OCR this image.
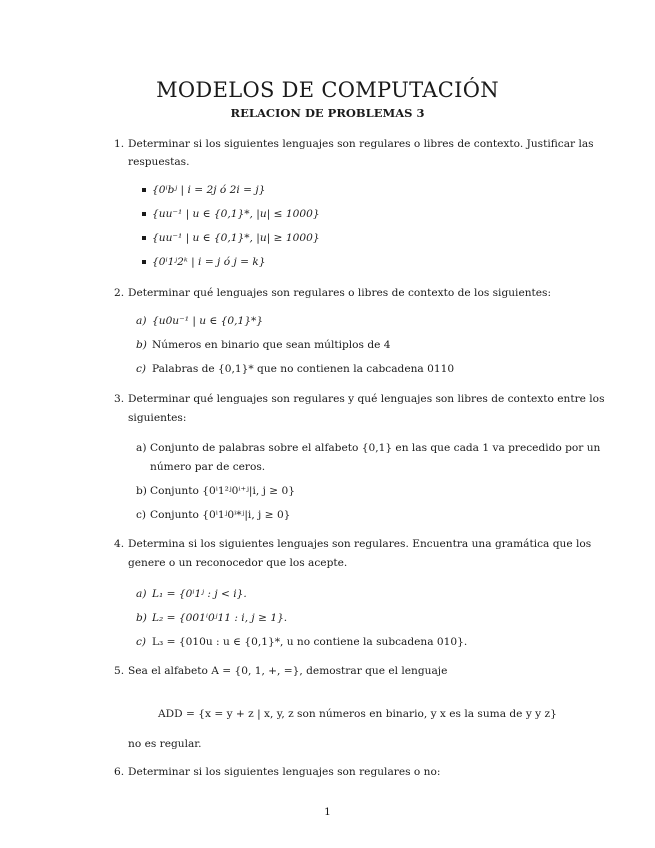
MODELOS DE COMPUTACIÓN
RELACION DE PROBLEMAS 3
1. Determinar si los siguientes lenguajes son regulares o libres de contexto. Justificar las
respuestas.
{0ⁱbʲ | i = 2j ó 2i = j}
{uu⁻¹ | u ∈ {0,1}*, |u| ≤ 1000}
{uu⁻¹ | u ∈ {0,1}*, |u| ≥ 1000}
{0ⁱ1ʲ2ᵏ | i = j ó j = k}
2. Determinar qué lenguajes son regulares o libres de contexto de los siguientes:
a) {u0u⁻¹ | u ∈ {0,1}*}
b) Números en binario que sean múltiplos de 4
c) Palabras de {0,1}* que no contienen la cabcadena 0110
3. Determinar qué lenguajes son regulares y qué lenguajes son libres de contexto entre los
siguientes:
a) Conjunto de palabras sobre el alfabeto {0,1} en las que cada 1 va precedido por un
número par de ceros.
b) Conjunto {0ⁱ1²ʲ0ⁱ⁺ʲ|i, j ≥ 0}
c) Conjunto {0ⁱ1ʲ0ⁱ*ʲ|i, j ≥ 0}
4. Determina si los siguientes lenguajes son regulares. Encuentra una gramática que los
genere o un reconocedor que los acepte.
a) L₁ = {0ⁱ1ʲ : j < i}.
b) L₂ = {001ⁱ0ʲ11 : i, j ≥ 1}.
c) L₃ = {010u : u ∈ {0,1}*, u no contiene la subcadena 010}.
5. Sea el alfabeto A = {0, 1, +, =}, demostrar que el lenguaje
ADD = {x = y + z | x, y, z son números en binario, y x es la suma de y y z}
no es regular.
6. Determinar si los siguientes lenguajes son regulares o no:
1
